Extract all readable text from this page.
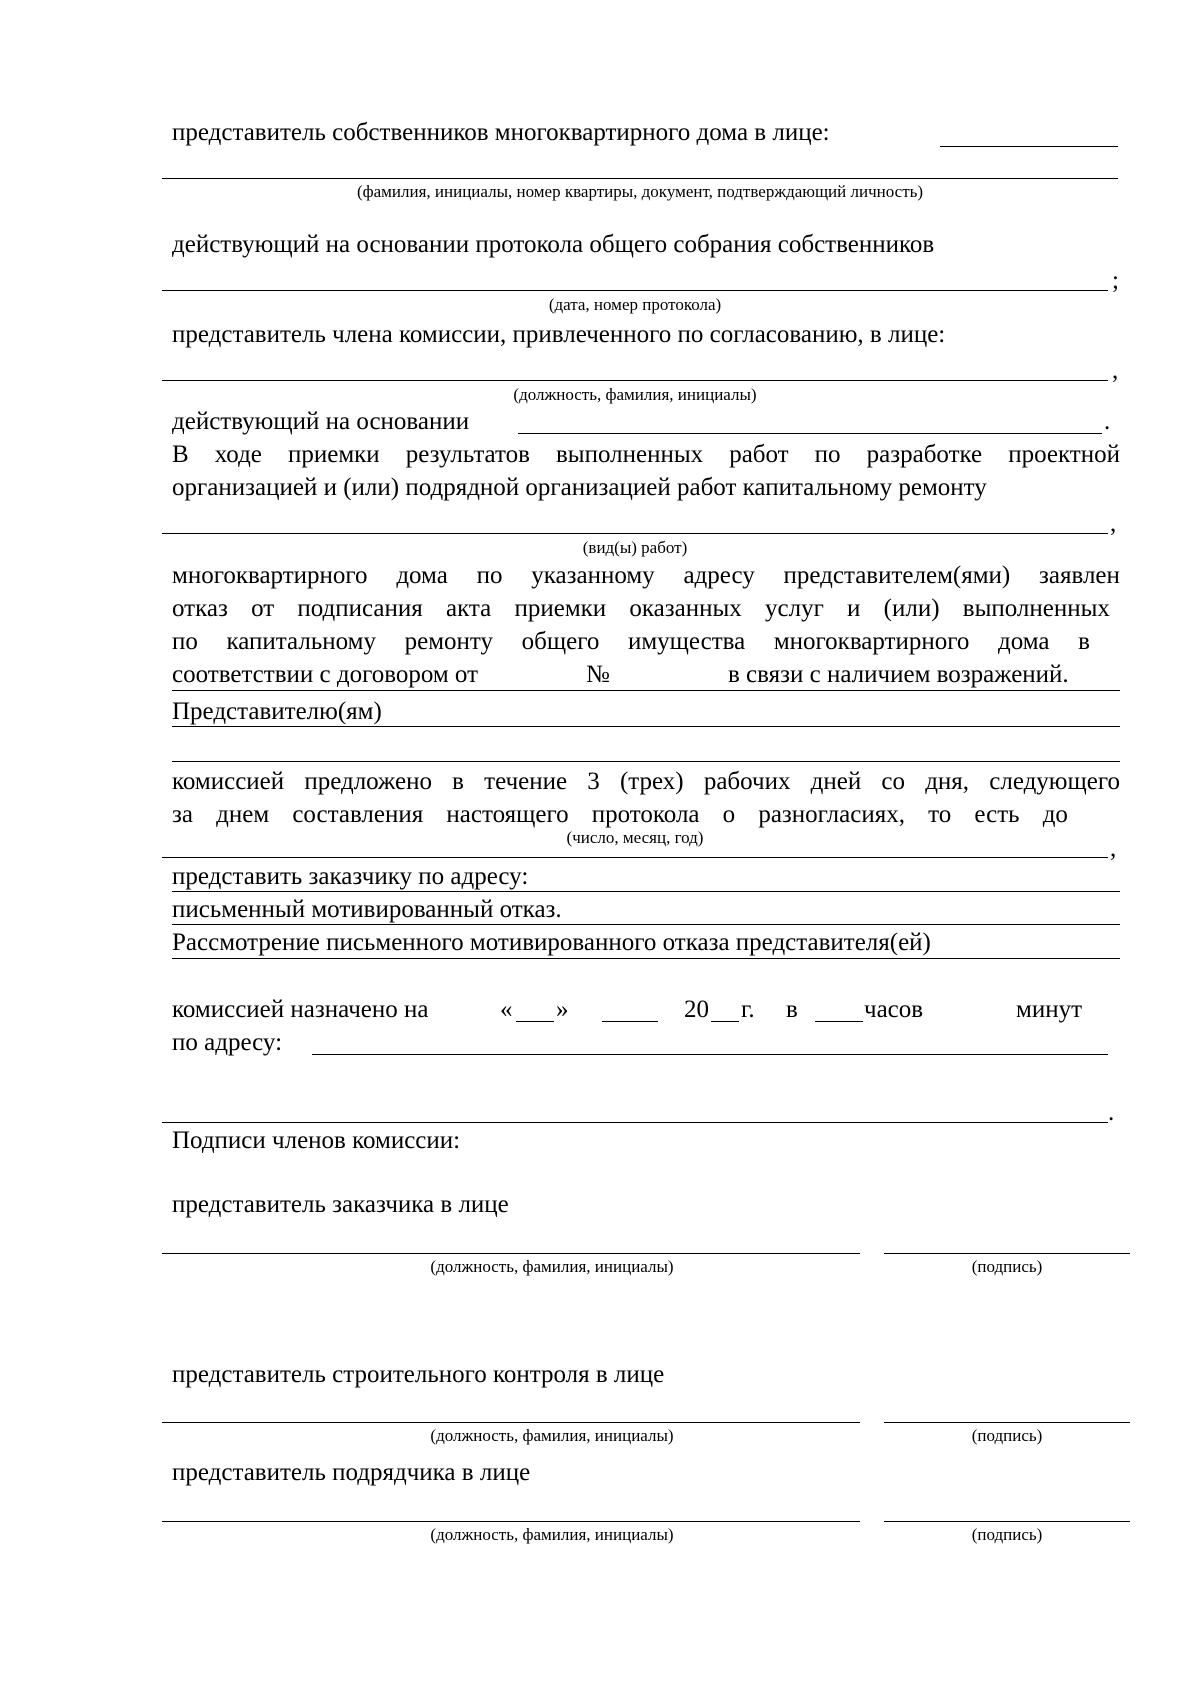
представитель собственников многоквартирного дома в лице:
(фамилия, инициалы, номер квартиры, документ, подтверждающий личность)
действующий на основании протокола общего собрания собственников
;
(дата, номер протокола)
представитель члена комиссии, привлеченного по согласованию, в лице:
,
(должность, фамилия, инициалы)
действующий на основании	.
В ходе приемки результатов выполненных работ по разработке проектной
организацией и (или) подрядной организацией работ капитальному ремонту
,
(вид(ы) работ)
многоквартирного дома по указанному адресу представителем(ями) заявлен
отказ от подписания акта приемки оказанных услуг и (или) выполненных
по капитальному ремонту общего имущества многоквартирного дома в
соответствии с договором от	№	в связи с наличием возражений.
Представителю(ям)
комиссией предложено в течение 3 (трех) рабочих дней со дня, следующего
за днем составления настоящего протокола о разногласиях, то есть до
(число, месяц, год)	,
представить заказчику по адресу:
письменный мотивированный отказ.
Рассмотрение письменного мотивированного отказа представителя(ей)
комиссией назначено на	« »	20 г. в	часов	минут
по адресу:
.
Подписи членов комиссии:
представитель заказчика в лице
(должность, фамилия, инициалы)	(подпись)
представитель строительного контроля в лице
(должность, фамилия, инициалы)	(подпись)
представитель подрядчика в лице
(должность, фамилия, инициалы)	(подпись)
